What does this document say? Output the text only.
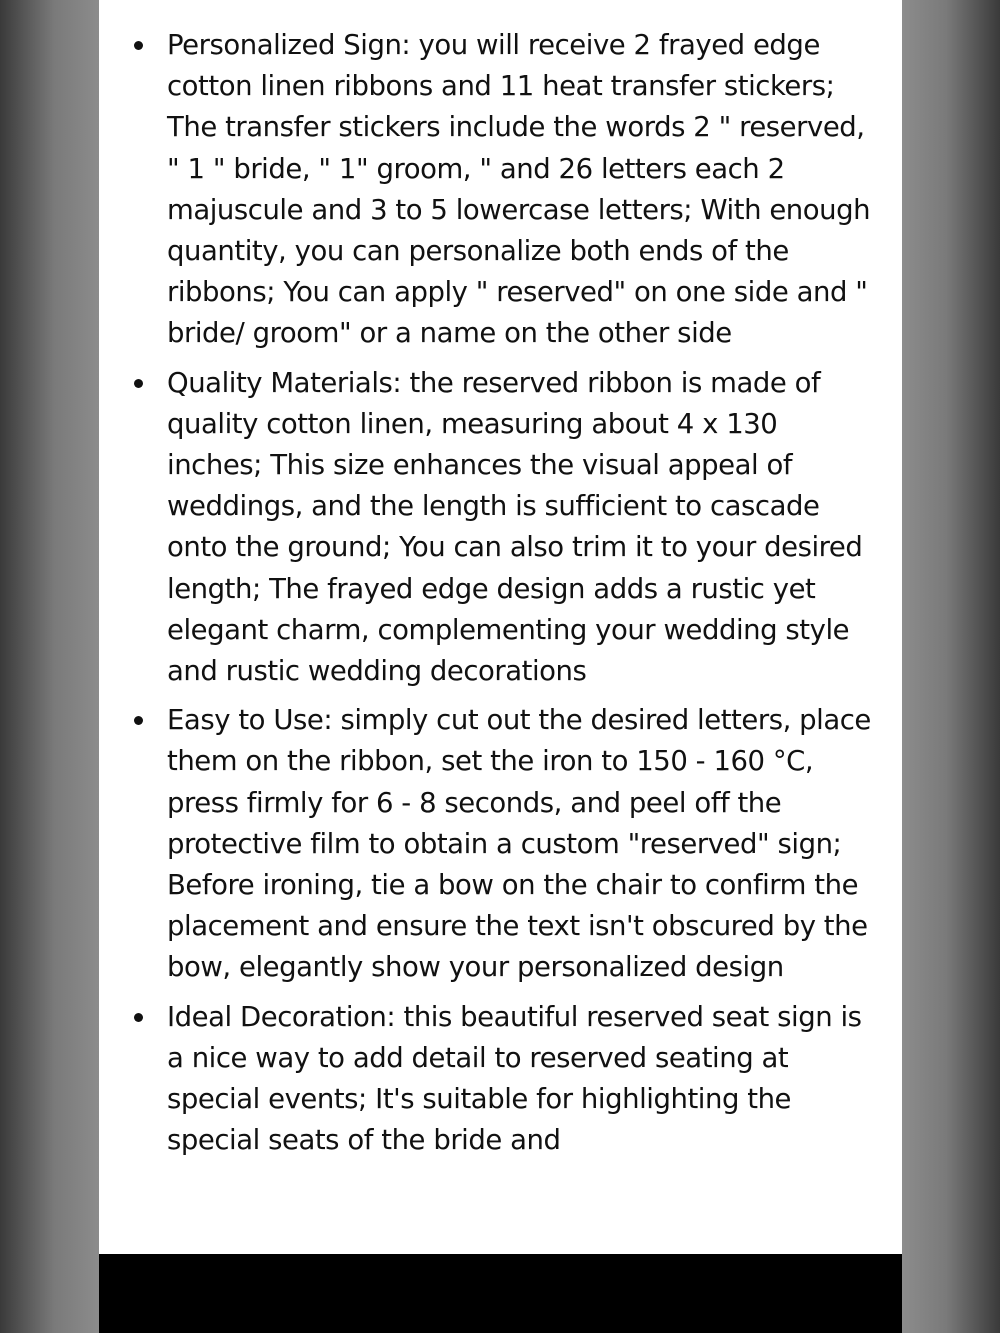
Personalized Sign: you will receive 2 frayed edge cotton linen ribbons and 11 heat transfer stickers; The transfer stickers include the words 2 " reserved, " 1 " bride, " 1" groom, " and 26 letters each 2 majuscule and 3 to 5 lowercase letters; With enough quantity, you can personalize both ends of the ribbons; You can apply " reserved" on one side and " bride/ groom" or a name on the other side
Quality Materials: the reserved ribbon is made of quality cotton linen, measuring about 4 x 130 inches; This size enhances the visual appeal of weddings, and the length is sufficient to cascade onto the ground; You can also trim it to your desired length; The frayed edge design adds a rustic yet elegant charm, complementing your wedding style and rustic wedding decorations
Easy to Use: simply cut out the desired letters, place them on the ribbon, set the iron to 150 - 160 °C, press firmly for 6 - 8 seconds, and peel off the protective film to obtain a custom "reserved" sign; Before ironing, tie a bow on the chair to confirm the placement and ensure the text isn't obscured by the bow, elegantly show your personalized design
Ideal Decoration: this beautiful reserved seat sign is a nice way to add detail to reserved seating at special events; It's suitable for highlighting the special seats of the bride and
